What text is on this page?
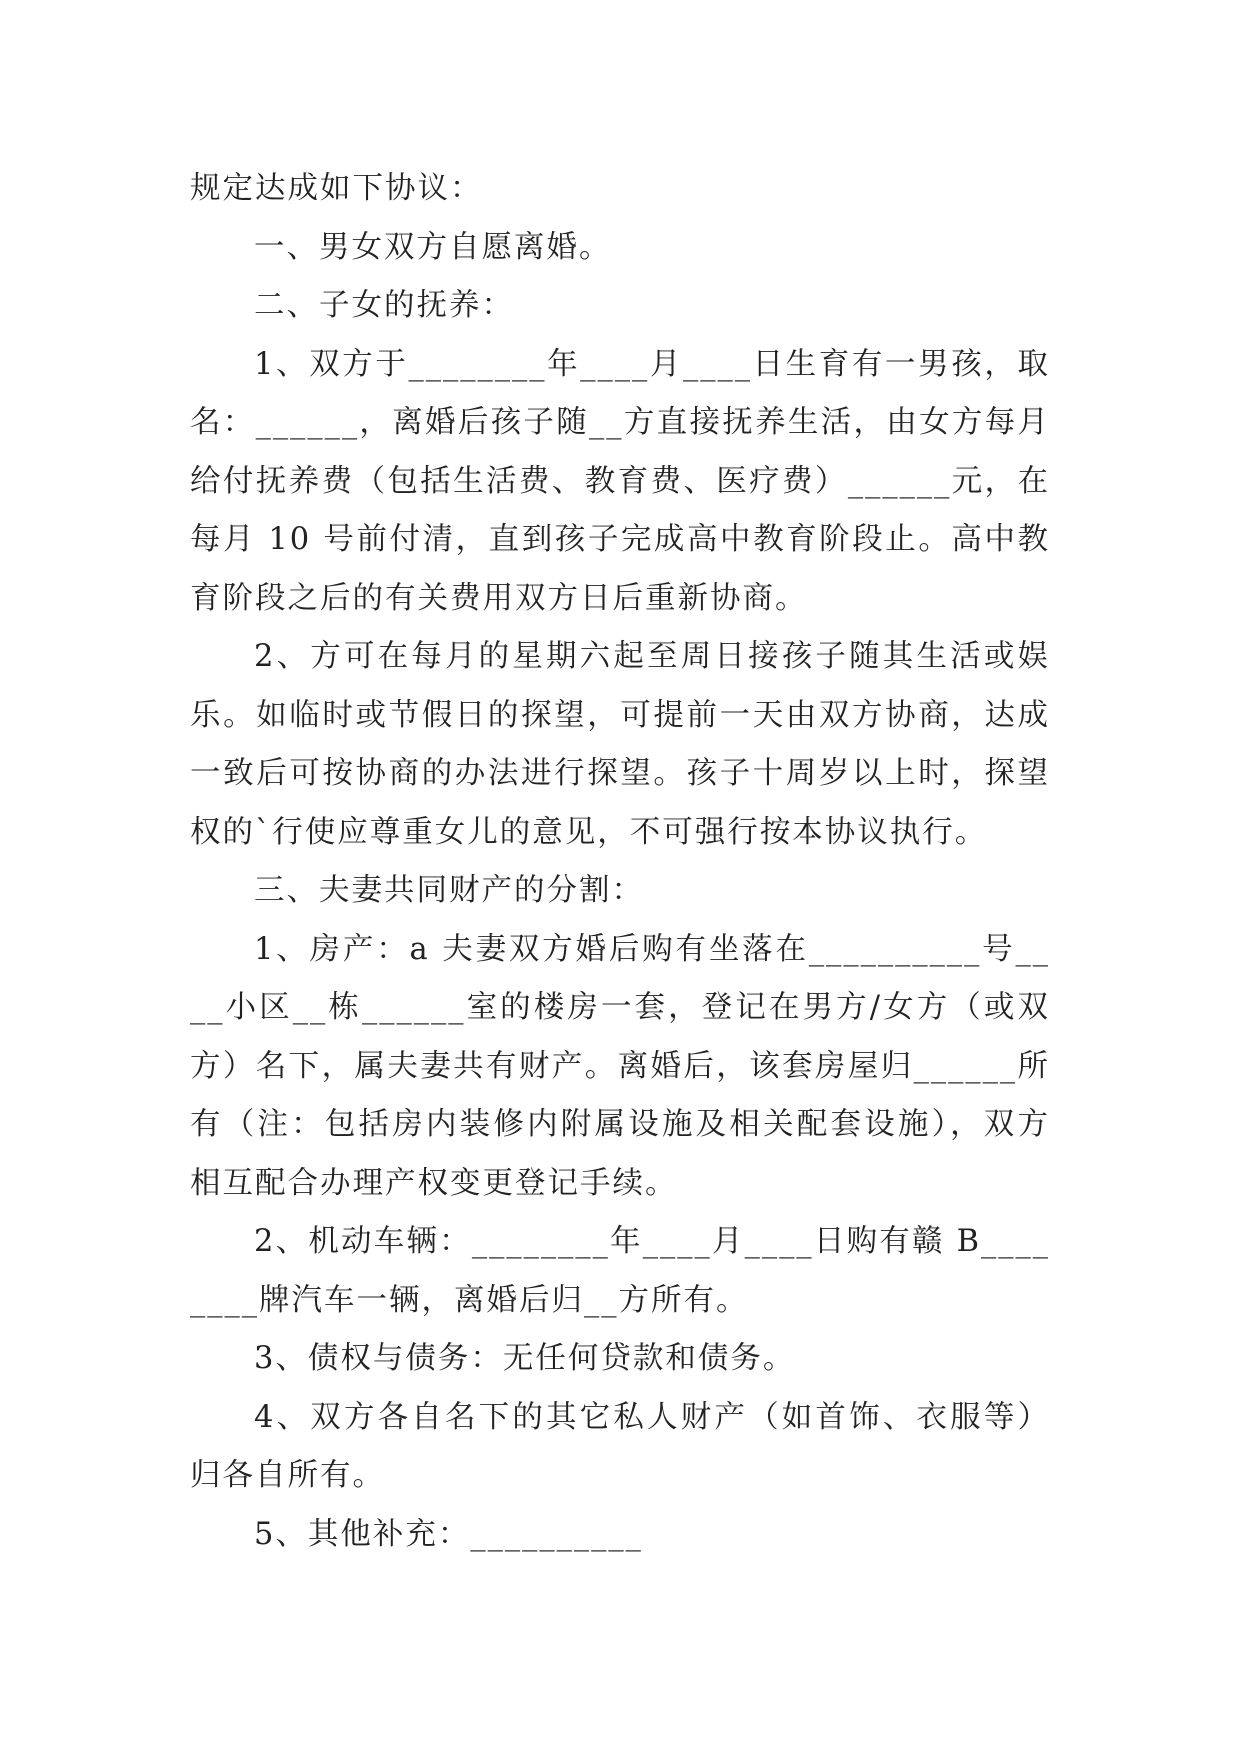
规定达成如下协议：

一、男女双方自愿离婚。

二、子女的抚养：

1、双方于________年____月____日生育有一男孩，取名：______，离婚后孩子随__方直接抚养生活，由女方每月给付抚养费（包括生活费、教育费、医疗费）______元，在每月 10 号前付清，直到孩子完成高中教育阶段止。高中教育阶段之后的有关费用双方日后重新协商。

2、方可在每月的星期六起至周日接孩子随其生活或娱乐。如临时或节假日的探望，可提前一天由双方协商，达成一致后可按协商的办法进行探望。孩子十周岁以上时，探望权的`行使应尊重女儿的意见，不可强行按本协议执行。

三、夫妻共同财产的分割：

1、房产：a 夫妻双方婚后购有坐落在__________号____小区__栋______室的楼房一套，登记在男方/女方（或双方）名下，属夫妻共有财产。离婚后，该套房屋归______所有（注：包括房内装修内附属设施及相关配套设施），双方相互配合办理产权变更登记手续。

2、机动车辆：________年____月____日购有赣 B________牌汽车一辆，离婚后归__方所有。

3、债权与债务：无任何贷款和债务。

4、双方各自名下的其它私人财产（如首饰、衣服等）归各自所有。

5、其他补充：__________
